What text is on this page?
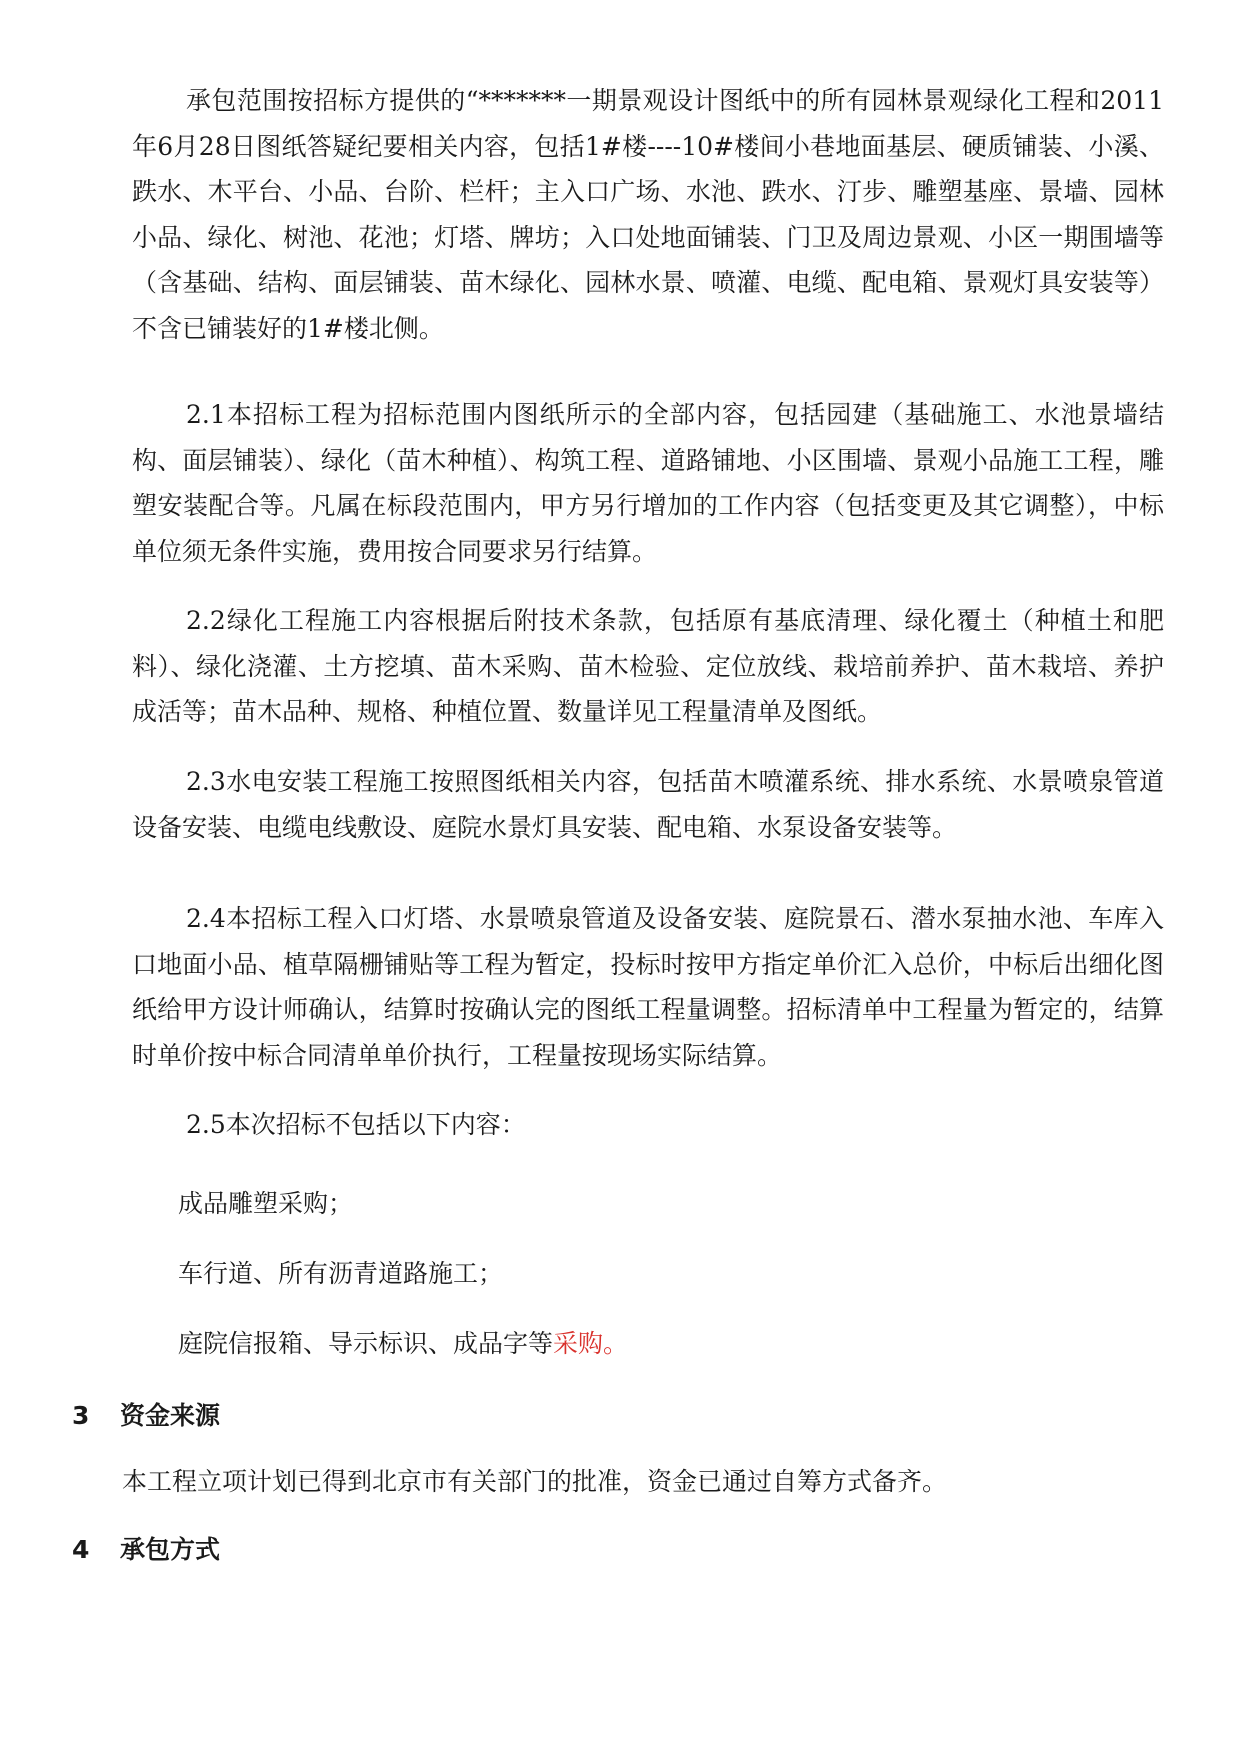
承包范围按招标方提供的“*******一期景观设计图纸中的所有园林景观绿化工程和2011年6月28日图纸答疑纪要相关内容，包括1#楼----10#楼间小巷地面基层、硬质铺装、小溪、跌水、木平台、小品、台阶、栏杆；主入口广场、水池、跌水、汀步、雕塑基座、景墙、园林小品、绿化、树池、花池；灯塔、牌坊；入口处地面铺装、门卫及周边景观、小区一期围墙等（含基础、结构、面层铺装、苗木绿化、园林水景、喷灌、电缆、配电箱、景观灯具安装等）不含已铺装好的1#楼北侧。

2.1本招标工程为招标范围内图纸所示的全部内容，包括园建（基础施工、水池景墙结构、面层铺装）、绿化（苗木种植）、构筑工程、道路铺地、小区围墙、景观小品施工工程，雕塑安装配合等。凡属在标段范围内，甲方另行增加的工作内容（包括变更及其它调整），中标单位须无条件实施，费用按合同要求另行结算。

2.2绿化工程施工内容根据后附技术条款，包括原有基底清理、绿化覆土（种植土和肥料）、绿化浇灌、土方挖填、苗木采购、苗木检验、定位放线、栽培前养护、苗木栽培、养护成活等；苗木品种、规格、种植位置、数量详见工程量清单及图纸。

2.3水电安装工程施工按照图纸相关内容，包括苗木喷灌系统、排水系统、水景喷泉管道设备安装、电缆电线敷设、庭院水景灯具安装、配电箱、水泵设备安装等。

2.4本招标工程入口灯塔、水景喷泉管道及设备安装、庭院景石、潜水泵抽水池、车库入口地面小品、植草隔栅铺贴等工程为暂定，投标时按甲方指定单价汇入总价，中标后出细化图纸给甲方设计师确认，结算时按确认完的图纸工程量调整。招标清单中工程量为暂定的，结算时单价按中标合同清单单价执行，工程量按现场实际结算。

2.5本次招标不包括以下内容：

成品雕塑采购；

车行道、所有沥青道路施工；

庭院信报箱、导示标识、成品字等采购。

3 资金来源

本工程立项计划已得到北京市有关部门的批准，资金已通过自筹方式备齐。

4 承包方式
